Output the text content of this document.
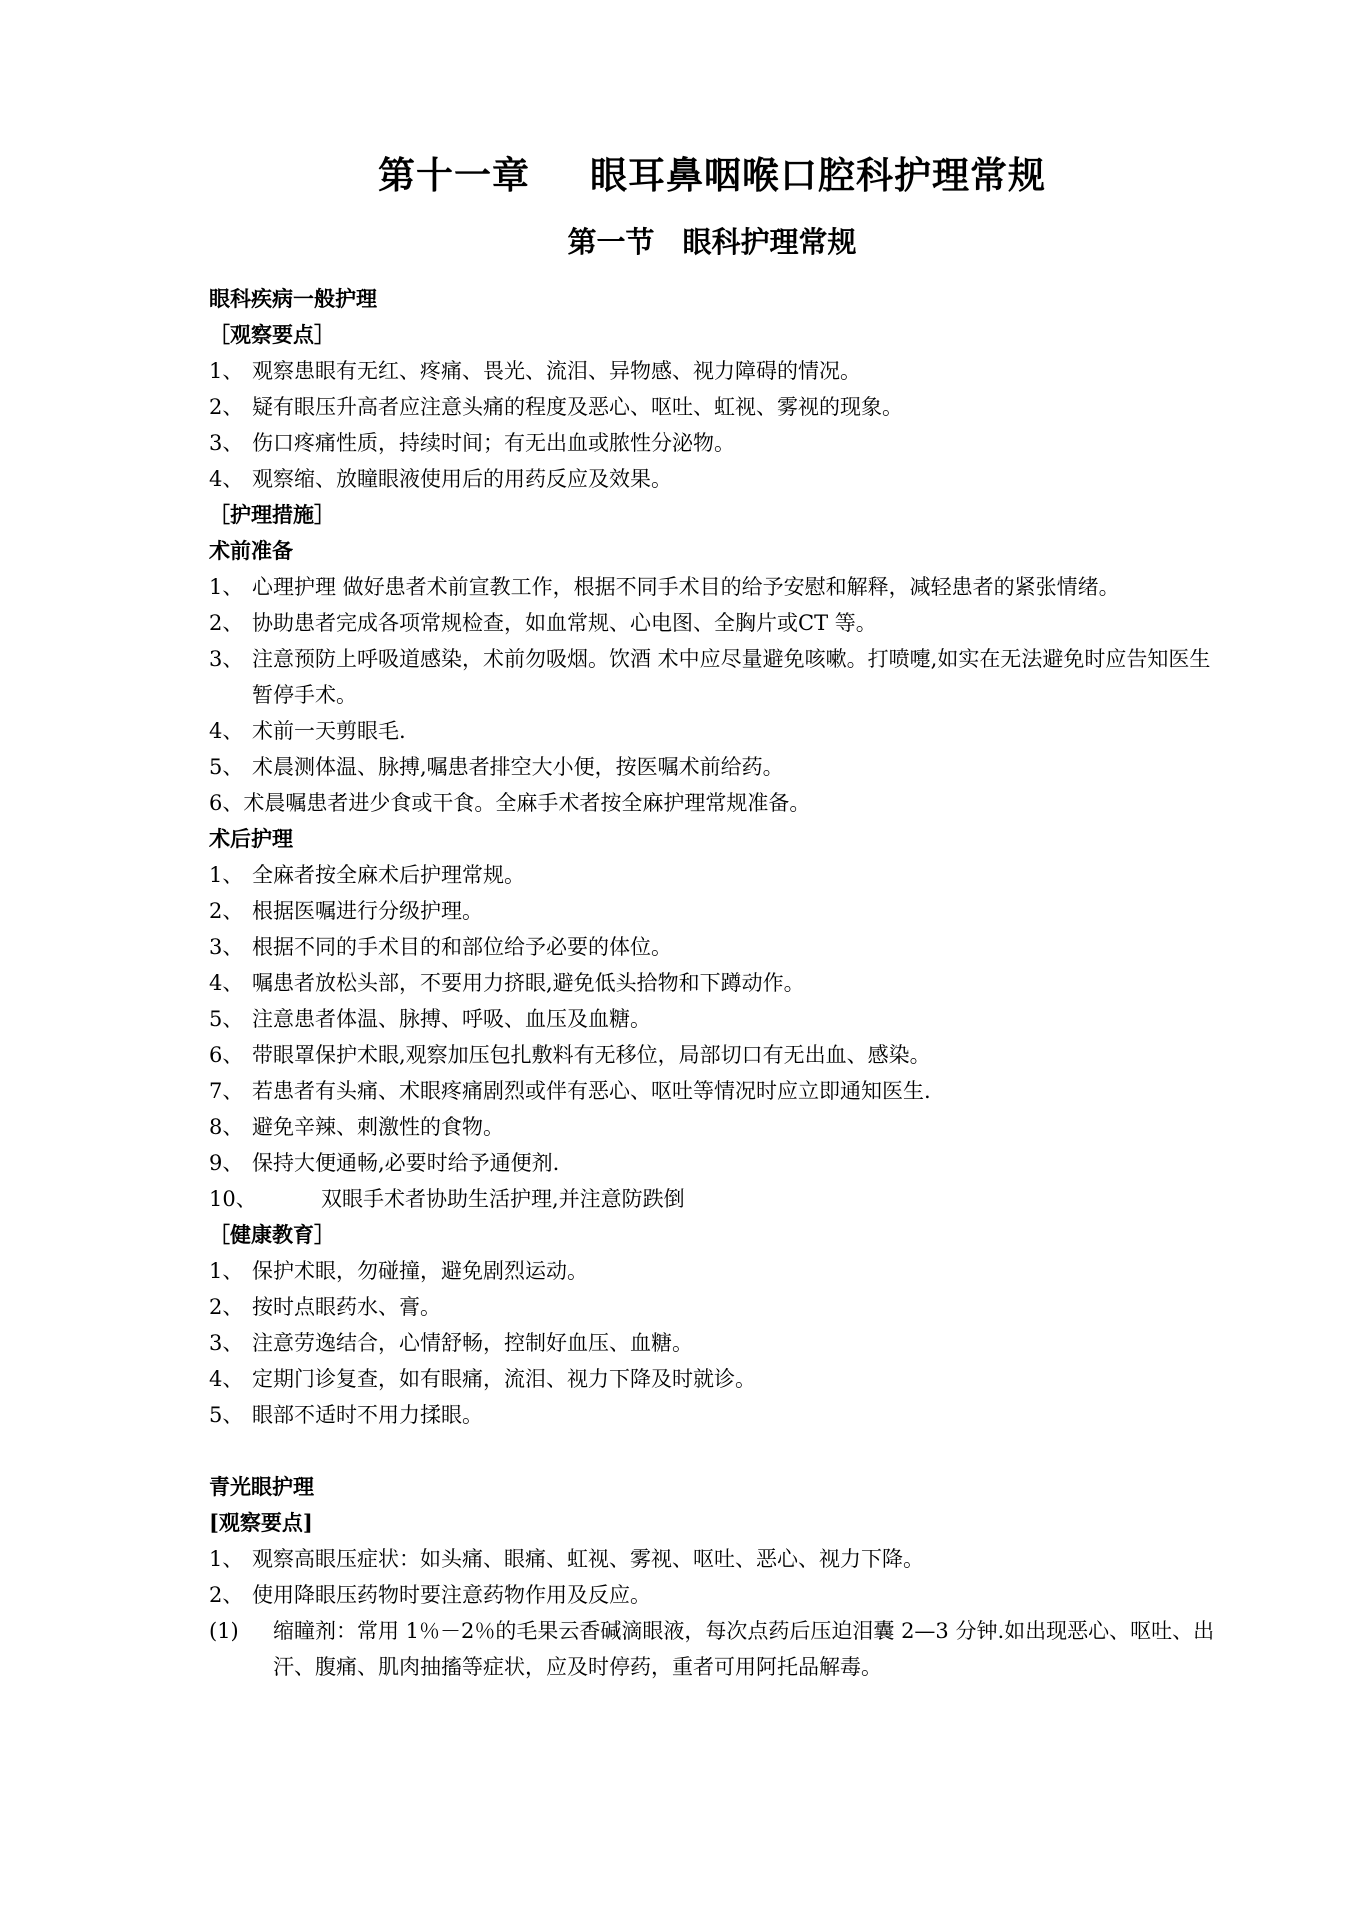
第十一章 眼耳鼻咽喉口腔科护理常规
第一节 眼科护理常规
眼科疾病一般护理
［观察要点］
1、 观察患眼有无红、疼痛、畏光、流泪、异物感、视力障碍的情况。
2、 疑有眼压升高者应注意头痛的程度及恶心、呕吐、虹视、雾视的现象。
3、 伤口疼痛性质，持续时间；有无出血或脓性分泌物。
4、 观察缩、放瞳眼液使用后的用药反应及效果。
［护理措施］
术前准备
1、 心理护理 做好患者术前宣教工作，根据不同手术目的给予安慰和解释，减轻患者的紧张情绪。
2、 协助患者完成各项常规检查，如血常规、心电图、全胸片或CT 等。
3、 注意预防上呼吸道感染，术前勿吸烟。饮酒 术中应尽量避免咳嗽。打喷嚏,如实在无法避免时应告知医生暂停手术。
4、 术前一天剪眼毛.
5、 术晨测体温、脉搏,嘱患者排空大小便，按医嘱术前给药。
6、术晨嘱患者进少食或干食。全麻手术者按全麻护理常规准备。
术后护理
1、 全麻者按全麻术后护理常规。
2、 根据医嘱进行分级护理。
3、 根据不同的手术目的和部位给予必要的体位。
4、 嘱患者放松头部，不要用力挤眼,避免低头拾物和下蹲动作。
5、 注意患者体温、脉搏、呼吸、血压及血糖。
6、 带眼罩保护术眼,观察加压包扎敷料有无移位，局部切口有无出血、感染。
7、 若患者有头痛、术眼疼痛剧烈或伴有恶心、呕吐等情况时应立即通知医生.
8、 避免辛辣、刺激性的食物。
9、 保持大便通畅,必要时给予通便剂.
10、	双眼手术者协助生活护理,并注意防跌倒
［健康教育］
1、 保护术眼，勿碰撞，避免剧烈运动。
2、 按时点眼药水、膏。
3、 注意劳逸结合，心情舒畅，控制好血压、血糖。
4、 定期门诊复查，如有眼痛，流泪、视力下降及时就诊。
5、 眼部不适时不用力揉眼。
青光眼护理
[观察要点]
1、 观察高眼压症状：如头痛、眼痛、虹视、雾视、呕吐、恶心、视力下降。
2、 使用降眼压药物时要注意药物作用及反应。
(1)	缩瞳剂：常用 1％－2％的毛果云香碱滴眼液，每次点药后压迫泪囊 2—3 分钟.如出现恶心、呕吐、出汗、腹痛、肌肉抽搐等症状，应及时停药，重者可用阿托品解毒。
